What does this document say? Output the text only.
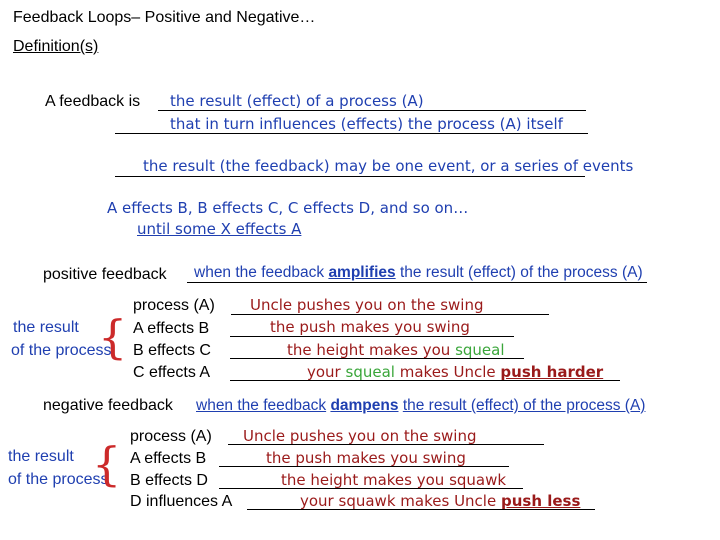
Feedback Loops– Positive and Negative…
Definition(s)
A feedback is the result (effect) of a process (A)
that in turn influences (effects) the process (A) itself
the result (the feedback) may be one event, or a series of events
A effects B, B effects C, C effects D, and so on…
until some X effects A
positive feedback when the feedback amplifies the result (effect) of the process (A)
the result
of the process
{
process (A) Uncle pushes you on the swing
A effects B	the push makes you swing
B effects C	the height makes you squeal
C effects A	your squeal makes Uncle push harder
negative feedback when the feedback dampens the result (effect) of the process (A)
the result
of the process
{
process (A) Uncle pushes you on the swing
A effects B	the push makes you swing
B effects D	the height makes you squawk
D influences A	your squawk makes Uncle push less
